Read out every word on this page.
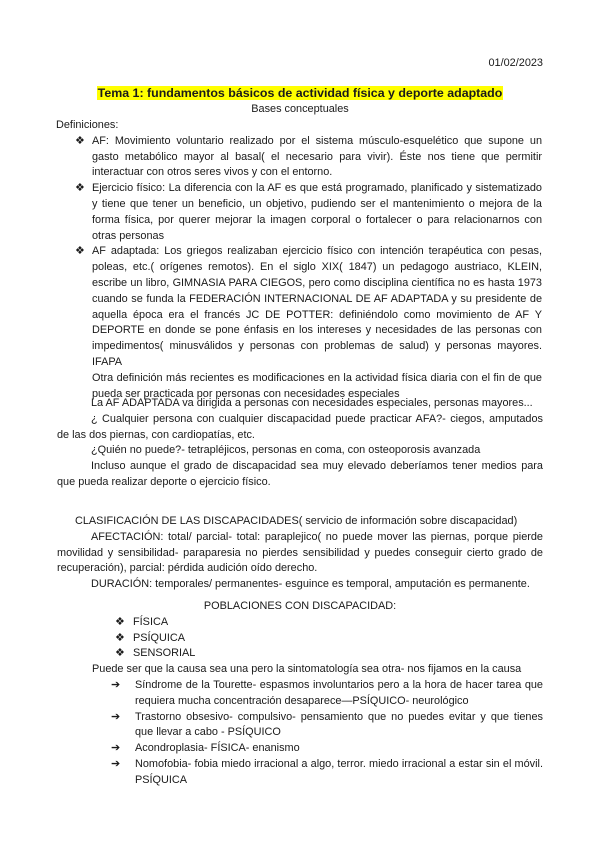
01/02/2023
Tema 1: fundamentos básicos de actividad física y deporte adaptado
Bases conceptuales

Definiciones:

❖ AF: Movimiento voluntario realizado por el sistema músculo-esquelético que supone un gasto metabólico mayor al basal( el necesario para vivir). Éste nos tiene que permitir interactuar con otros seres vivos y con el entorno.
❖ Ejercicio físico: La diferencia con la AF es que está programado, planificado y sistematizado y tiene que tener un beneficio, un objetivo, pudiendo ser el mantenimiento o mejora de la forma física, por querer mejorar la imagen corporal o fortalecer o para relacionarnos con otras personas
❖ AF adaptada: Los griegos realizaban ejercicio físico con intención terapéutica con pesas, poleas, etc.( orígenes remotos). En el siglo XIX( 1847) un pedagogo austriaco, KLEIN, escribe un libro, GIMNASIA PARA CIEGOS, pero como disciplina científica no es hasta 1973 cuando se funda la FEDERACIÓN INTERNACIONAL DE AF ADAPTADA y su presidente de aquella época era el francés JC DE POTTER: definiéndolo como movimiento de AF Y DEPORTE en donde se pone énfasis en los intereses y necesidades de las personas con impedimentos( minusválidos y personas con problemas de salud) y personas mayores. IFAPA

Otra definición más recientes es modificaciones en la actividad física diaria con el fin de que pueda ser practicada por personas con necesidades especiales

La AF ADAPTADA va dirigida a personas con necesidades especiales, personas mayores...

¿ Cualquier persona con cualquier discapacidad puede practicar AFA?- ciegos, amputados de las dos piernas, con cardiopatías, etc.

¿Quién no puede?- tetrapléjicos, personas en coma, con osteoporosis avanzada

Incluso aunque el grado de discapacidad sea muy elevado deberíamos tener medios para que pueda realizar deporte o ejercicio físico.

CLASIFICACIÓN DE LAS DISCAPACIDADES( servicio de información sobre discapacidad)

AFECTACIÓN: total/ parcial- total: paraplejico( no puede mover las piernas, porque pierde movilidad y sensibilidad- paraparesia no pierdes sensibilidad y puedes conseguir cierto grado de recuperación), parcial: pérdida audición oído derecho.

DURACIÓN: temporales/ permanentes- esguince es temporal, amputación es permanente.

POBLACIONES CON DISCAPACIDAD:

❖ FÍSICA
❖ PSÍQUICA
❖ SENSORIAL

Puede ser que la causa sea una pero la sintomatología sea otra- nos fijamos en la causa

➔ Síndrome de la Tourette- espasmos involuntarios pero a la hora de hacer tarea que requiera mucha concentración desaparece—PSÍQUICO- neurológico
➔ Trastorno obsesivo- compulsivo- pensamiento que no puedes evitar y que tienes que llevar a cabo - PSÍQUICO
➔ Acondroplasia- FÍSICA- enanismo
➔ Nomofobia- fobia miedo irracional a algo, terror. miedo irracional a estar sin el móvil. PSÍQUICA
